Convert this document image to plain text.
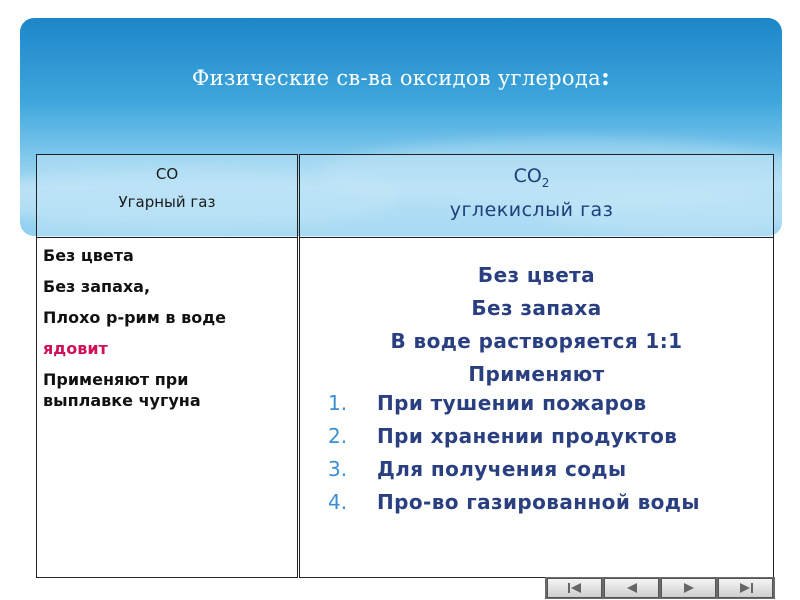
Физические св-ва оксидов углерода:
CO
Угарный газ
Без цвета
Без запаха,
Плохо р-рим в воде
ядовит
Применяют при
выплавке чугуна
$CO_2$
углекислый газ
Без цвета
Без запаха
В воде растворяется 1:1
Применяют
1. При тушении пожаров
2. При хранении продуктов
3. Для получения соды
4. Про-во газированной воды
